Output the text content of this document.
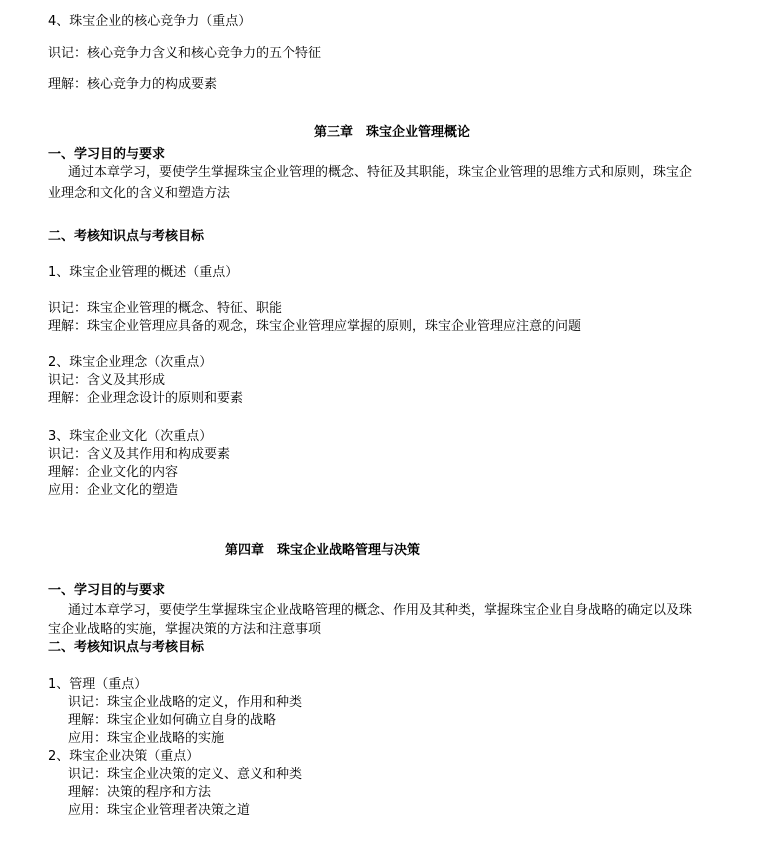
4、珠宝企业的核心竞争力（重点）
识记：核心竞争力含义和核心竞争力的五个特征
理解：核心竞争力的构成要素
第三章　珠宝企业管理概论
一、学习目的与要求
通过本章学习，要使学生掌握珠宝企业管理的概念、特征及其职能，珠宝企业管理的思维方式和原则，珠宝企
业理念和文化的含义和塑造方法
二、考核知识点与考核目标
1、珠宝企业管理的概述（重点）
识记：珠宝企业管理的概念、特征、职能
理解：珠宝企业管理应具备的观念，珠宝企业管理应掌握的原则，珠宝企业管理应注意的问题
2、珠宝企业理念（次重点）
识记：含义及其形成
理解：企业理念设计的原则和要素
3、珠宝企业文化（次重点）
识记：含义及其作用和构成要素
理解：企业文化的内容
应用：企业文化的塑造
第四章　珠宝企业战略管理与决策
一、学习目的与要求
通过本章学习，要使学生掌握珠宝企业战略管理的概念、作用及其种类，掌握珠宝企业自身战略的确定以及珠
宝企业战略的实施，掌握决策的方法和注意事项
二、考核知识点与考核目标
1、管理（重点）
识记：珠宝企业战略的定义，作用和种类
理解：珠宝企业如何确立自身的战略
应用：珠宝企业战略的实施
2、珠宝企业决策（重点）
识记：珠宝企业决策的定义、意义和种类
理解：决策的程序和方法
应用：珠宝企业管理者决策之道
